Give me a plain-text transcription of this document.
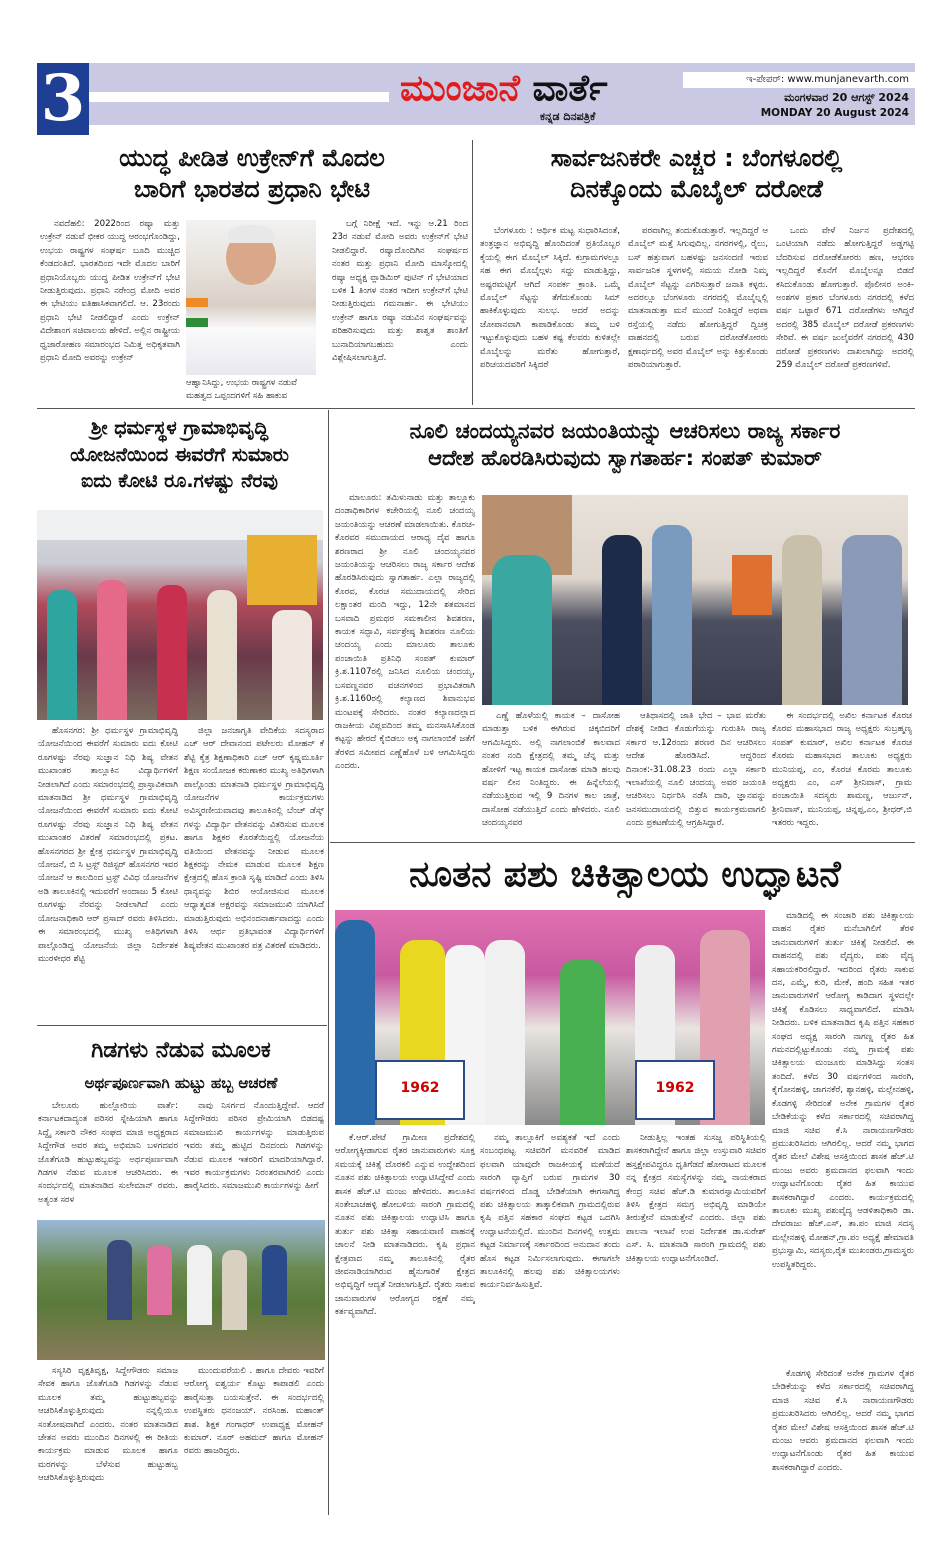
3	ಮುಂಜಾನೆ ವಾರ್ತೆ
ಕನ್ನಡ ದಿನಪತ್ರಿಕೆ
ಇ-ಪೇಪರ್: www.munjanevarth.com
ಮಂಗಳವಾರ 20 ಆಗಸ್ಟ್ 2024
MONDAY 20 August 2024
ಯುದ್ಧ ಪೀಡಿತ ಉಕ್ರೇನ್‌ಗೆ ಮೊದಲ
ಬಾರಿಗೆ ಭಾರತದ ಪ್ರಧಾನಿ ಭೇಟಿ

ನವದೆಹಲಿ: 2022ರಿಂದ ರಷ್ಯಾ ಮತ್ತು ಉಕ್ರೇನ್ ನಡುವೆ ಭೀಕರ ಯುದ್ಧ ಆರಂಭಗೊಂಡಿದ್ದು, ಉಭಯ ರಾಷ್ಟ್ರಗಳ ಸಂಘರ್ಷ ಬೂದಿ ಮುಚ್ಚಿದ ಕೆಂಡದಂತಿದೆ. ಭಾರತದಿಂದ ಇದೇ ಮೊದಲ ಬಾರಿಗೆ ಪ್ರಧಾನಿಯೊಬ್ಬರು ಯುದ್ಧ ಪೀಡಿತ ಉಕ್ರೇನ್‌ಗೆ ಭೇಟಿ ನೀಡುತ್ತಿರುವುದು. ಪ್ರಧಾನಿ ನರೇಂದ್ರ ಮೋದಿ ಅವರ ಈ ಭೇಟಿಯು ಐತಿಹಾಸಿಕವಾಗಲಿದೆ. ಆ. 23ರಂದು ಪ್ರಧಾನಿ ಭೇಟಿ ನೀಡಲಿದ್ದಾರೆ ಎಂದು ಉಕ್ರೇನ್ ವಿದೇಶಾಂಗ ಸಚಿವಾಲಯ ಹೇಳಿದೆ. ಅಲ್ಲಿನ ರಾಷ್ಟ್ರೀಯ ಧ್ವಜಾರೋಹಣ ಸಮಾರಂಭದ ನಿಮಿತ್ತ ಅಧಿಕೃತವಾಗಿ ಪ್ರಧಾನಿ ಮೋದಿ ಅವರನ್ನು ಉಕ್ರೇನ್

ಆಹ್ವಾನಿಸಿದ್ದು, ಉಭಯ ರಾಷ್ಟ್ರಗಳ ನಡುವೆ ಮಹತ್ವದ ಒಪ್ಪಂದಗಳಿಗೆ ಸಹಿ ಹಾಕುವ

ಬಗ್ಗೆ ನಿರೀಕ್ಷೆ ಇದೆ. ಇನ್ನು ಆ.21 ರಿಂದ 23ರ ನಡುವೆ ಮೋದಿ ಅವರು ಉಕ್ರೇನ್‌ಗೆ ಭೇಟಿ ನೀಡಲಿದ್ದಾರೆ. ರಷ್ಯಾದೊಂದಿಗಿನ ಸಂಘರ್ಷದ ನಂತರ ಮತ್ತು ಪ್ರಧಾನಿ ಮೋದಿ ಮಾಸ್ಕೋದಲ್ಲಿ ರಷ್ಯಾ ಅಧ್ಯಕ್ಷ ವ್ಲಾಡಿಮಿರ್ ಪುಟಿನ್ ಗೆ ಭೇಟಿಯಾದ ಬಳಿಕ 1 ತಿಂಗಳ ನಂತರ ಇದೀಗ ಉಕ್ರೇನ್‌ಗೆ ಭೇಟಿ ನೀಡುತ್ತಿರುವುದು ಗಮನಾರ್ಹ. ಈ ಭೇಟಿಯು ಉಕ್ರೇನ್ ಹಾಗೂ ರಷ್ಯಾ ನಡುವಿನ ಸಂಘರ್ಷವನ್ನು ಪರಿಹರಿಸುವುದು ಮತ್ತು ಶಾಶ್ವತ ಶಾಂತಿಗೆ ಬುನಾದಿಯಾಗಬಹುದು ಎಂದು ವಿಶ್ಲೇಷಿಸಲಾಗುತ್ತಿದೆ.

ಸಾರ್ವಜನಿಕರೇ ಎಚ್ಚರ : ಬೆಂಗಳೂರಲ್ಲಿ
ದಿನಕ್ಕೊಂದು ಮೊಬೈಲ್ ದರೋಡೆ

ಬೆಂಗಳೂರು : ಆರ್ಥಿಕ ಮಟ್ಟ ಸುಧಾರಿಸಿದಂತೆ, ತಂತ್ರಜ್ಞಾನ ಅಭಿವೃದ್ಧಿ ಹೊಂದಿದಂತೆ ಪ್ರತಿಯೊಬ್ಬರ ಕೈಯಲ್ಲಿ ಈಗ ಮೊಬೈಲ್ ಸಿಕ್ಕಿದೆ. ಕುಗ್ರಾಮಗಳಲ್ಲೂ ಸಹ ಈಗ ಮೊಬೈಲ್ಗಳು ಸದ್ದು ಮಾಡುತ್ತಿದ್ದು, ಅಷ್ಟರಮಟ್ಟಿಗೆ ಆಗಿದೆ ಸಂಪರ್ಕ ಕ್ರಾಂತಿ. ಒಮ್ಮೆ ಮೊಬೈಲ್ ಸೆಟ್ಟನ್ನು ತೆಗೆದುಕೊಂಡು ಸಿಮ್ ಹಾಕಿಕೊಳ್ಳುವುದು ಸುಲಭ. ಆದರೆ ಅದನ್ನು ಜೋಪಾನವಾಗಿ ಕಾಪಾಡಿಕೊಂಡು ತಮ್ಮ ಬಳಿ ಇಟ್ಟುಕೊಳ್ಳುವುದು ಬಹಳ ಕಷ್ಟ ಕೆಲವರು ಕುಳಿತಲ್ಲೇ ಮೊಬೈಲನ್ನು ಮರೆತು ಹೋಗುತ್ತಾರೆ, ಪರಿಚಯದವರಿಗೆ ಸಿಕ್ಕಿದರೆ

ಪರವಾಗಿಲ್ಲ ತಂದುಕೊಡುತ್ತಾರೆ. ಇಲ್ಲದಿದ್ದರೆ ಆ ಮೊಬೈಲ್ ಮತ್ತೆ ಸಿಗುವುದಿಲ್ಲ. ನಗರಗಳಲ್ಲಿ, ರೈಲು, ಬಸ್ ಹತ್ತುವಾಗ ಬಹಳಷ್ಟು ಜನಸಂದಣಿ ಇರುವ ಸಾರ್ವಜನಿಕ ಸ್ಥಳಗಳಲ್ಲಿ ಸಮಯ ನೋಡಿ ನಿಮ್ಮ ಮೊಬೈಲ್ ಸೆಟ್ಟನ್ನು ಎಗರಿಸುತ್ತಾರೆ ಜನಾತಿ ಕಳ್ಳರು. ಅದರಲ್ಲೂ ಬೆಂಗಳೂರು ನಗರದಲ್ಲಿ ಮೊಬೈಲ್ನಲ್ಲಿ ಮಾತನಾಡುತ್ತಾ ಮನೆ ಮುಂದೆ ನಿಂತಿದ್ದರೆ ಅಥವಾ ರಸ್ತೆಯಲ್ಲಿ ನಡೆದು ಹೋಗುತ್ತಿದ್ದರೆ ದ್ವಿಚಕ್ರ ವಾಹನದಲ್ಲಿ ಬರುವ ದರೋಡೆಕೋರರು ಕ್ಷಣಾರ್ಧದಲ್ಲಿ ಅವರ ಮೊಬೈಲ್ ಅನ್ನು ಕಿತ್ತುಕೊಂಡು ಪರಾರಿಯಾಗುತ್ತಾರೆ.

ಒಂದು ವೇಳೆ ನಿರ್ಜನ ಪ್ರದೇಶದಲ್ಲಿ ಒಂಟಿಯಾಗಿ ನಡೆದು ಹೋಗುತ್ತಿದ್ದರೆ ಅಡ್ಡಗಟ್ಟಿ ಬೆದರಿಸುವ ದರೋಡೆಕೋರರು ಹಣ, ಆಭರಣ ಇಲ್ಲದಿದ್ದರೆ ಕೊನೆಗೆ ಮೊಬೈಲನ್ನೂ ಬಿಡದೆ ಕಸಿದುಕೊಂಡು ಹೋಗುತ್ತಾರೆ. ಪೊಲೀಸರ ಅಂಕಿ-ಅಂಶಗಳ ಪ್ರಕಾರ ಬೆಂಗಳೂರು ನಗರದಲ್ಲಿ ಕಳೆದ ವರ್ಷ ಒಟ್ಟಾರೆ 671 ದರೋಡೆಗಳು ಆಗಿದ್ದರೆ ಅದರಲ್ಲಿ 385 ಮೊಬೈಲ್ ದರೋಡೆ ಪ್ರಕರಣಗಳು ಸೇರಿವೆ. ಈ ವರ್ಷ ಜುಲೈವರೆಗೆ ನಗರದಲ್ಲಿ 430 ದರೋಡೆ ಪ್ರಕರಣಗಳು ದಾಖಲಾಗಿದ್ದು ಅದರಲ್ಲಿ 259 ಮೊಬೈಲ್ ದರೋಡೆ ಪ್ರಕರಣಗಳಿವೆ.

ಶ್ರೀ ಧರ್ಮಸ್ಥಳ ಗ್ರಾಮಾಭಿವೃದ್ಧಿ
ಯೋಜನೆಯಿಂದ ಈವರೆಗೆ ಸುಮಾರು
ಐದು ಕೋಟಿ ರೂ.ಗಳಷ್ಟು ನೆರವು

ಹೊಸನಗರ: ಶ್ರೀ ಧರ್ಮಸ್ಥಳ ಗ್ರಾಮಾಭಿವೃದ್ಧಿ ಯೋಜನೆಯಿಂದ ಈವರೆಗೆ ಸುಮಾರು ಐದು ಕೋಟಿ ರೂಗಳಷ್ಟು ನೆರವು ಸುಜ್ಞಾನ ನಿಧಿ ಶಿಷ್ಯ ವೇತನ ಮುಖಾಂತರ ತಾಲ್ಲೂಕಿನ ವಿದ್ಯಾರ್ಥಿಗಳಿಗೆ ನೀಡಲಾಗಿದೆ ಎಂದು ಸಮಾರಂಭದಲ್ಲಿ ಪ್ರಾಸ್ತಾವಿಕವಾಗಿ ಮಾತನಾಡಿದ ಶ್ರೀ ಧರ್ಮಸ್ಥಳ ಗ್ರಾಮಾಭಿವೃದ್ಧಿ ಯೋಜನೆಯಿಂದ ಈವರೆಗೆ ಸುಮಾರು ಐದು ಕೋಟಿ ರೂಗಳಷ್ಟು ನೆರವು ಸುಜ್ಞಾನ ನಿಧಿ ಶಿಷ್ಯ ವೇತನ ಮುಖಾಂತರ ವಿತರಣೆ ಸಮಾರಂಭದಲ್ಲಿ ಪ್ರಕಟ. ಹೊಸನಗರದ ಶ್ರೀ ಕ್ಷೇತ್ರ ಧರ್ಮಸ್ಥಳ ಗ್ರಾಮಾಭಿವೃದ್ಧಿ ಯೋಜನೆ, ಬಿ ಸಿ ಟ್ರಸ್ಟ್ ರಿಜಿಸ್ಟರ್ ಹೊಸನಗರ ಇವರ ಯೋಜನೆ ಆ ಕಾಲದಿಂದ ಟ್ರಸ್ಟ್ ವಿವಿಧ ಯೋಜನೆಗಳ ಅಡಿ ತಾಲೂಕಿನಲ್ಲಿ ಇದುವರೆಗೆ ಅಂದಾಜು 5 ಕೋಟಿ ರೂಗಳಷ್ಟು ನೆರವನ್ನು ನೀಡಲಾಗಿದೆ ಎಂದು ಯೋಜನಾಧಿಕಾರಿ ಆರ್ ಪ್ರಸಾದ್ ರವರು ತಿಳಿಸಿದರು. ಈ ಸಮಾರಂಭದಲ್ಲಿ ಮುಖ್ಯ ಅತಿಥಿಗಳಾಗಿ ಪಾಲ್ಗೊಂಡಿದ್ದ ಯೋಜನೆಯ ಜಿಲ್ಲಾ ನಿರ್ದೇಶಕ ಮುರಳೀಧರ ಶೆಟ್ಟಿ

ಜಿಲ್ಲಾ ಜನಜಾಗೃತಿ ವೇದಿಕೆಯ ಸದಸ್ಯರಾದ ಎಚ್ ಆರ್ ದೇವಾನಂದ ಪಟೇಲರು ಮೋಹನ್ ಕೆ ಶೆಟ್ಟಿ ಕೈತ್ರ ಶಿಕ್ಷಣಾಧಿಕಾರಿ ಎಚ್ ಆರ್ ಕೃಷ್ಣಮೂರ್ತಿ ಶಿಕ್ಷಣ ಸಂಯೋಜಕ ಕರುಣಾಕರ ಮುಖ್ಯ ಅತಿಥಿಗಳಾಗಿ ಪಾಲ್ಗೊಂಡು ಮಾತನಾಡಿ ಧರ್ಮಸ್ಥಳ ಗ್ರಾಮಾಭಿವೃದ್ಧಿ ಯೋಜನೆಗಳ ಕಾರ್ಯಕ್ರಮಗಳು ಅವಿಸ್ಮರಣೀಯವಾದವು ತಾಲೂಕಿನಲ್ಲಿ ಬೆಂಚ್ ಡೆಸ್ಕ್ ಗಳನ್ನು ವಿದ್ಯಾರ್ಥಿ ವೇತನವನ್ನು ವಿತರಿಸುವ ಮೂಲಕ ಹಾಗೂ ಶಿಕ್ಷಕರ ಕೊರತೆಯಿದ್ದಲ್ಲಿ ಯೋಜನೆಯ ವತಿಯಿಂದ ವೇತನವನ್ನು ನೀಡುವ ಮೂಲಕ ಶಿಕ್ಷಕರನ್ನು ನೇಮಕ ಮಾಡುವ ಮೂಲಕ ಶಿಕ್ಷಣ ಕ್ಷೇತ್ರದಲ್ಲಿ ಹೊಸ ಕ್ರಾಂತಿ ಸೃಷ್ಟಿ ಮಾಡಿದೆ ಎಂದು ತಿಳಿಸಿ ಧಾನ್ಯವನ್ನು ಶಿಬಿರ ಆಯೋಜಿಸುವ ಮೂಲಕ ಆಧ್ಯಾತ್ಮವತ ಅಕ್ಷರವನ್ನು ಸಮಾಜಮುಖಿ ಯಾಗಿಸಿದೆ ಮಾಡುತ್ತಿರುವುದು ಅಭಿನಂದನಾರ್ಹವಾದದ್ದು ಎಂದು ತಿಳಿಸಿ ಆರ್ಥ ಪ್ರತಿಭಾವಂತ ವಿದ್ಯಾರ್ಥಿಗಳಿಗೆ ಶಿಷ್ಯವೇತನ ಮುಖಾಂತರ ಪತ್ರ ವಿತರಣೆ ಮಾಡಿದರು.

ನೂಲಿ ಚಂದಯ್ಯನವರ ಜಯಂತಿಯನ್ನು ಆಚರಿಸಲು ರಾಜ್ಯ ಸರ್ಕಾರ
ಆದೇಶ ಹೊರಡಿಸಿರುವುದು ಸ್ವಾಗತಾರ್ಹ: ಸಂಪತ್ ಕುಮಾರ್

ಮಾಲೂರು: ತಮಿಳುನಾಡು ಮತ್ತು ತಾಲ್ಲೂಕು ದಂಡಾಧಿಕಾರಿಗಳ ಕಚೇರಿಯಲ್ಲಿ ನೂಲಿ ಚಂದಯ್ಯ ಜಯಂತಿಯನ್ನು ಆಚರಣೆ ಮಾಡಲಾಯಿತು. ಕೊರಚ-ಕೊರವರ ಸಮುದಾಯದ ಆರಾಧ್ಯ ದೈವ ಹಾಗೂ ಶರಣರಾದ ಶ್ರೀ ನೂಲಿ ಚಂದಯ್ಯನವರ ಜಯಂತಿಯನ್ನು ಆಚರಿಸಲು ರಾಜ್ಯ ಸರ್ಕಾರ ಆದೇಶ ಹೊರಡಿಸಿರುವುದು ಸ್ವಾಗತಾರ್ಹ. ಎಲ್ಲಾ ರಾಜ್ಯದಲ್ಲಿ ಕೊರವ, ಕೊರಚ ಸಮುದಾಯದಲ್ಲಿ ಸೇರಿದ ಲಕ್ಷಾಂತರ ಮಂದಿ ಇದ್ದು, 12ನೇ ಶತಮಾನದ ಬಸವಾದಿ ಪ್ರಮಥರ ಸಮಕಾಲೀನ ಶಿವಶರಣ, ಕಾಯಕ ಸದ್ಭಾವಿ, ಸರ್ವಶ್ರೇಷ್ಠ ಶಿವಶರಣ ನೂಲಿಯ ಚಂದಯ್ಯ ಎಂದು ಮಾಲೂರು ತಾಲೂಕು ಪಂಚಾಯಿತಿ ಪ್ರತಿನಿಧಿ ಸಂಪತ್ ಕುಮಾರ್ ಕ್ರಿ.ಶ.1107ರಲ್ಲಿ ಜನಿಸಿದ ನೂಲಿಯ ಚಂದಯ್ಯ, ಬಸವಣ್ಣನವರ ವಚನಗಳಿಂದ ಪ್ರಭಾವಿತರಾಗಿ ಕ್ರಿ.ಶ.1160ರಲ್ಲಿ ಕಲ್ಯಾಣದ ಶಿವಾನುಭವ ಮಂಟಪಕ್ಕೆ ಸೇರಿದರು. ನಂತರ ಕಲ್ಯಾಣದಲ್ಲಾದ ರಾಜಕೀಯ ವಿಪ್ಲವದಿಂದ ತಮ್ಮ ಮನಸಾಸಿಸಿಕೊಂಡ ಕಟ್ಟನ್ನು ಹೇರದೆ ಕೈಬಿಡಲು ಅಕ್ಕ ನಾಗಲಾಂಬಿಕೆ ಜತೆಗೆ ತೆರಳಿದ ಸಮೀಪದ ಎಣ್ಣೆಹೊಳೆ ಬಳಿ ಆಗಮಿಸಿದ್ದರು ಎಂದರು.

ಎಣ್ಣೆ ಹೊಳೆಯಲ್ಲಿ ಕಾಯಕ – ದಾಸೋಹ ಮಾಡುತ್ತಾ ಬಳಿಕ ಈಗಿರುವ ಚಿಕ್ಕಬಿದರಿಗೆ ಆಗಮಿಸಿದ್ದರು. ಅಲ್ಲಿ ನಾಗಲಾಂಬಿಕೆ ಕಾಲವಾದ ನಂತರ ನಂದಿ ಕ್ಷೇತ್ರದಲ್ಲಿ ತಮ್ಮ ಚೆನ್ನ ಮತ್ತು ಹೋಳಿಗೆ ಇಟ್ಟ ಕಾಯಕ ದಾಸೋಹ ಮಾಡಿ ಹಲವು ವರ್ಷ ಲೀನ ನಿಂತಿದ್ದರು. ಈ ಹಿನ್ನೆಲೆಯಲ್ಲಿ ನಡೆಯುತ್ತಿರುವ ಇಲ್ಲಿ 9 ದಿನಗಳ ಕಾಲ ಜಾತ್ರೆ, ದಾಸೋಹ ನಡೆಯುತ್ತಿದೆ ಎಂದು ಹೇಳಿದರು. ನೂಲಿ ಚಂದಯ್ಯನವರ

ಆತಿಥಾಸದಲ್ಲಿ ಜಾತಿ ಭೇದ – ಭಾವ ಮರೆತು ದೇಶಕ್ಕೆ ನೀಡಿದ ಕೊಡುಗೆಯನ್ನು ಗುರುತಿಸಿ ರಾಜ್ಯ ಸರ್ಕಾರ ಆ.12ರಂದು ಶರಣರ ದಿನ ಆಚರಿಸಲು ಆದೇಶ ಹೊರಡಿಸಿದೆ. ಆದ್ದರಿಂದ ದಿನಾಂಕ:-31.08.23 ರಂದು ಎಲ್ಲಾ ಸರ್ಕಾರಿ ಇಲಾಖೆಯಲ್ಲಿ ನೂಲಿ ಚಂದಯ್ಯ ಅವರ ಜಯಂತಿ ಆಚರಿಸಲು ನಿರ್ಧರಿಸಿ ನಡೆಸಿ ದಾರಿ, ಜ್ಞಾನವನ್ನು ಜನಸಮುದಾಯದಲ್ಲಿ ಬಿತ್ತುವ ಕಾರ್ಯಕ್ರಮವಾಗಲಿ ಎಂದು ಪ್ರಕಟಣೆಯಲ್ಲಿ ಆಗ್ರಹಿಸಿದ್ದಾರೆ.

ಈ ಸಂದರ್ಭದಲ್ಲಿ ಅಖಿಲ ಕರ್ನಾಟಕ ಕೊರಚ ಕೊರವ ಮಹಾಸಭಾದ ರಾಜ್ಯ ಅಧ್ಯಕ್ಷರು ಸುಬ್ರಹ್ಮಣ್ಯ ಸಂಪತ್ ಕುಮಾರ್, ಅಖಿಲ ಕರ್ನಾಟಕ ಕೊರಚ ಕೊರಮ ಮಹಾಸಭಾದ ತಾಲೂಕು ಅಧ್ಯಕ್ಷರು ಮುನಿಯಪ್ಪ, ಎಂ, ಕೊರಚ ಕೊರಮ ತಾಲೂಕು ಅಧ್ಯಕ್ಷರು ಎಂ, ಎಸ್ ಶ್ರೀನಿವಾಸ್, ಗ್ರಾಮ ಪಂಚಾಯಿತಿ ಸದಸ್ಯರು ಶಾಮಣ್ಣ, ಆರ್ಜುನ್, ಶ್ರೀನಿವಾಸ್, ಮುನಿಯಪ್ಪ, ಚಿನ್ನಪ್ಪ,ಎಂ, ಶ್ರೀಧರ್,ಬಿ ಇತರರು ಇದ್ದರು.

ನೂತನ ಪಶು ಚಿಕಿತ್ಸಾಲಯ ಉದ್ಘಾಟನೆ
1962	1962

ಮಾಡಿದಲ್ಲಿ ಈ ಸಂಚಾರಿ ಪಶು ಚಿಕಿತ್ಸಾಲಯ ವಾಹನ ರೈತರ ಮನೆಬಾಗಿಲಿಗೆ ತೆರಳಿ ಜಾನುವಾರುಗಳಿಗೆ ತುರ್ತು ಚಿಕಿತ್ಸೆ ನೀಡಲಿದೆ. ಈ ವಾಹನದಲ್ಲಿ ಪಶು ವೈದ್ಯರು, ಪಶು ವೈದ್ಯ ಸಹಾಯಕರಿರಲಿದ್ದಾರೆ. ಇದರಿಂದ ರೈತರು ಸಾಕುವ ದನ, ಎಮ್ಮೆ, ಕುರಿ, ಮೇಕೆ, ಹಂದಿ ಸಹಿತ ಇತರ ಜಾನುವಾರುಗಳಿಗೆ ಆರೋಗ್ಯ ಕಾಡಿದಾಗ ಸ್ಥಳದಲ್ಲೇ ಚಿಕಿತ್ಸೆ ಕೊಡಿಸಲು ಸಾಧ್ಯವಾಗಲಿದೆ. ಮಾಡಿಸಿ ನೀಡಿದರು. ಬಳಿಕ ಮಾತನಾಡಿದ ಕೃಷಿ ಪತ್ತಿನ ಸಹಕಾರ ಸಂಘದ ಅಧ್ಯಕ್ಷ ಸಾರಂಗಿ ನಾಗಣ್ಣ ರೈತರ ಹಿತ ಗಮನದಲ್ಲಿಟ್ಟುಕೊಂಡು ನಮ್ಮ ಗ್ರಾಮಕ್ಕೆ ಪಶು ಚಿಕಿತ್ಸಾಲಯ ಮಂಜೂರು ಮಾಡಿಸಿದ್ದು ಸಂತಸ ತಂದಿದೆ. ಕಳೆದ 30 ವರ್ಷಗಳಿಂದ ಸಾರಂಗಿ, ಕೈಗೋನಹಳ್ಳಿ, ಜಾಗನಕೆರೆ, ಶ್ಯಾನಹಳ್ಳಿ, ಮಲ್ಲೇನಹಳ್ಳಿ, ಕೊಡಗಳ್ಳಿ ಸೇರಿದಂತೆ ಅನೇಕ ಗ್ರಾಮಗಳ ರೈತರ ಬೇಡಿಕೆಯನ್ನು ಕಳೆದ ಸರ್ಕಾರದಲ್ಲಿ ಸಚಿವರಾಗಿದ್ದ ಮಾಜಿ ಸಚಿವ ಕೆ.ಸಿ ನಾರಾಯಣಗೌಡರು ಪ್ರಮುಖರಿಸಿದರು ಆಗಿರಲಿಲ್ಲ. ಆದರೆ ನಮ್ಮ ಭಾಗದ ರೈತರ ಮೇಲೆ ವಿಶೇಷ ಆಸಕ್ತಿಯಿಂದ ಶಾಸಕ ಹೆಚ್.ಟಿ ಮಂಜು ಅವರು ಶ್ರಮದಾನದ ಫಲವಾಗಿ ಇಂದು ಉದ್ಘಾಟನೆಗೊಂಡು ರೈತರ ಹಿತ ಕಾಯುವ ಶಾಸಕರಾಗಿದ್ದಾರೆ ಎಂದರು. ಕಾರ್ಯಕ್ರಮದಲ್ಲಿ ತಾಲೂಕು ಮುಖ್ಯ ಪಶುವೈದ್ಯ ಆಡಳಿತಾಧಿಕಾರಿ ಡಾ. ದೇವರಾಜು ಹೆಚ್.ಎಸ್, ತಾ.ಪಂ ಮಾಜಿ ಸದಸ್ಯ ಮಲ್ಲೇನಹಳ್ಳಿ ಮೋಹನ್,ಗ್ರಾ.ಪಂ ಅಧ್ಯಕ್ಷೆ ಹೇಮಾವತಿ ಪ್ರಭುಸ್ವಾಮಿ, ಸದಸ್ಯರು,ರೈತ ಮುಖಂಡರು,ಗ್ರಾಮಸ್ಥರು ಉಪಸ್ಥಿತರಿದ್ದರು.

ಕೊಡಗಳ್ಳಿ ಸೇರಿದಂತೆ ಅನೇಕ ಗ್ರಾಮಗಳ ರೈತರ ಬೇಡಿಕೆಯನ್ನು ಕಳೆದ ಸರ್ಕಾರದಲ್ಲಿ ಸಚಿವರಾಗಿದ್ದ ಮಾಜಿ ಸಚಿವ ಕೆ.ಸಿ ನಾರಾಯಣಗೌಡರು ಪ್ರಮುಖರಿಸಿದರು ಆಗಿರಲಿಲ್ಲ. ಆದರೆ ನಮ್ಮ ಭಾಗದ ರೈತರ ಮೇಲೆ ವಿಶೇಷ ಆಸಕ್ತಿಯಿಂದ ಶಾಸಕ ಹೆಚ್.ಟಿ ಮಂಜು ಆವರು ಶ್ರಮದಾನದ ಫಲವಾಗಿ ಇಂದು ಉದ್ಘಾಟನೆಗೊಂಡು ರೈತರ ಹಿತ ಕಾಯುವ ಶಾಸಕರಾಗಿದ್ದಾರೆ ಎಂದರು.

ಕೆ.ಆರ್.ಪೇಟೆ ಗ್ರಾಮೀಣ ಪ್ರದೇಶದಲ್ಲಿ ಆರೋಗ್ಯಕ್ಕೀಡಾಗುವ ರೈತರ ಜಾನುವಾರುಗಳು ಸೂಕ್ತ ಸಮಯಕ್ಕೆ ಚಿಕಿತ್ಸೆ ದೊರಕಲಿ ಎನ್ನುವ ಉದ್ದೇಶದಿಂದ ನೂತನ ಪಶು ಚಿಕಿತ್ಸಾಲಯ ಉದ್ಘಾಟಿಸಿದ್ದೇವೆ ಎಂದು ಶಾಸಕ ಹೆಚ್.ಟಿ ಮಂಜು ಹೇಳಿದರು. ತಾಲೂಕಿನ ಸಂತೇಬಾಚಹಳ್ಳಿ ಹೋಬಳಿಯ ಸಾರಂಗಿ ಗ್ರಾಮದಲ್ಲಿ ನೂತನ ಪಶು ಚಿಕಿತ್ಸಾಲಯ ಉದ್ಘಾಟಿಸಿ ಹಾಗೂ ತುರ್ತು ಪಶು ಚಿಕಿತ್ಸಾ ಸಹಾಯವಾಣಿ ವಾಹನಕ್ಕೆ ಚಾಲನೆ ನೀಡಿ ಮಾತನಾಡಿದರು. ಕೃಷಿ ಪ್ರಧಾನ ಕ್ಷೇತ್ರವಾದ ನಮ್ಮ ತಾಲೂಕಿನಲ್ಲಿ ರೈತರ ಜೀವನಾಡಿಯಾಗಿರುವ ಹೈನುಗಾರಿಕೆ ಕ್ಷೇತ್ರದ ಅಭಿವೃದ್ಧಿಗೆ ಆದ್ಯತೆ ನೀಡಲಾಗುತ್ತಿದೆ. ರೈತರು ಸಾಕುವ ಜಾನುವಾರುಗಳ ಆರೋಗ್ಯದ ರಕ್ಷಣೆ ನಮ್ಮ ಕರ್ತವ್ಯವಾಗಿದೆ.

ನಮ್ಮ ತಾಲ್ಲೂಕಿಗೆ ಅವಶ್ಯಕತೆ ಇದೆ ಎಂದು ಸಂಬಂಧಪಟ್ಟ ಸಚಿವರಿಗೆ ಮನವರಿಕೆ ಮಾಡಿದ ಫಲವಾಗಿ ಯಾವುದೇ ರಾಜಕೀಯಕ್ಕೆ ಮಣೆಯದೆ ಸಾರಂಗಿ ವ್ಯಾಪ್ತಿಗೆ ಬರುವ ಗ್ರಾಮಗಳ 30 ವರ್ಷಗಳಿಂದ ದೊಡ್ಡ ಬೇಡಿಕೆಯಾಗಿ ಈಗಸಾಗಿದ್ದ ಪಶು ಚಿಕಿತ್ಸಾಲಯ ತಾತ್ಕಾಲಿಕವಾಗಿ ಗ್ರಾಮದಲ್ಲಿರುವ ಕೃಷಿ ಪತ್ತಿನ ಸಹಕಾರ ಸಂಘದ ಕಟ್ಟಡ ಒದಗಿಸಿ ಉದ್ಘಾಟನೆಯಲ್ಲಿದೆ. ಮುಂದಿನ ದಿನಗಳಲ್ಲಿ ಉತ್ತಮ ಕಟ್ಟಡ ನಿರ್ಮಾಣಕ್ಕೆ ಸರ್ಕಾರದಿಂದ ಅನುದಾನ ತಂದು ಹೊಸ ಕಟ್ಟಡ ನಿರ್ಮಿಸಲಾಗುವುದು. ಈಗಾಗಲೇ ತಾಲೂಕಿನಲ್ಲಿ ಹಲವು ಪಶು ಚಿಕಿತ್ಸಾಲಯಗಳು ಕಾರ್ಯನಿರ್ವಹಿಸುತ್ತಿವೆ.

ನೀಡುತ್ತಿಲ್ಲ ಇಂತಹ ಸುಸಜ್ಜ ಪರಿಸ್ಥಿತಿಯಲ್ಲಿ ಶಾಸಕರಾಗಿದ್ದೇನೆ ಹಾಗೂ ಜಿಲ್ಲಾ ಉಸ್ತುವಾರಿ ಸಚಿವರ ಹಸ್ತಕ್ಷೇಪವಿದ್ದರೂ ಧೃತಿಗೆಡದೆ ಹೋರಾಟದ ಮೂಲಕ ನನ್ನ ಕ್ಷೇತ್ರದ ಸಮಸ್ಯೆಗಳನ್ನು ನಮ್ಮ ನಾಯಕರಾದ ಕೇಂದ್ರ ಸಚಿವ ಹೆಚ್.ಡಿ ಕುಮಾರಸ್ವಾಮಿಯವರಿಗೆ ತಿಳಿಸಿ ಕ್ಷೇತ್ರದ ಸಮಗ್ರ ಅಭಿವೃದ್ಧಿ ಮಾಡಿಯೇ ತೀರುತ್ತೇನೆ ಮಾಡುತ್ತೇನೆ ಎಂದರು. ಜಿಲ್ಲಾ ಪಶು ಪಾಲನಾ ಇಲಾಖೆ ಉಪ ನಿರ್ದೇಶಕ ಡಾ.ಸುರೇಶ್ ಎಸ್. ಸಿ. ಮಾತನಾಡಿ ಸಾರಂಗಿ ಗ್ರಾಮದಲ್ಲಿ ಪಶು ಚಿಕಿತ್ಸಾಲಯ ಉದ್ಘಾಟನೆಗೊಂಡಿದೆ.

ಗಿಡಗಳು ನೆಡುವ ಮೂಲಕ
ಅರ್ಥಪೂರ್ಣವಾಗಿ ಹುಟ್ಟು ಹಬ್ಬ ಆಚರಣೆ

ಬೇಲೂರು ಹುಲ್ಲೋರಿಯ ವಾರ್ತೆ: ಕರ್ನಾಟಕದಾದ್ಯಂತ ಪರಿಸರ ಸ್ನೇಹಿಯಾಗಿ ಹಾಗೂ ಸಿದ್ದೈ ಸರ್ಕಾರಿ ನೌಕರ ಸಂಘದ ಮಾಜಿ ಅಧ್ಯಕ್ಷರಾದ ಸಿದ್ದೇಗೌಡ ಅವರ ತಮ್ಮ ಅಭಿಮಾನಿ ಬಳಗದವರ ಜೊತೆಗೂಡಿ ಹುಟ್ಟುಹಬ್ಬವನ್ನು ಅರ್ಥಪೂರ್ಣವಾಗಿ ಗಿಡಗಳ ನೆಡುವ ಮೂಲಕ ಆಚರಿಸಿದರು. ಈ ಸಂದರ್ಭದಲ್ಲಿ ಮಾತನಾಡಿದ ಸುಲೇಮಾನ್ ರವರು. ಅತ್ಯಂತ ಸರಳ

ನಾವು ನಿಸರ್ಗದ ನೊಂದುತ್ತಿದ್ದೇವೆ. ಆದರೆ ಸಿದ್ದೇಗೌಡರು ಪರಿಸರ ಪ್ರೇಮಿಯಾಗಿ ಬಿಡದಷ್ಟ ಸಮಾಜಮುಖಿ ಕಾರ್ಯಗಳನ್ನು ಮಾಡುತ್ತಿರುವ ಇವರು ತಮ್ಮ ಹುಟ್ಟಿದ ದಿನದಂದು ಗಿಡಗಳನ್ನು ನೆಡುವ ಮೂಲಕ ಇತರರಿಗೆ ಮಾದರಿಯಾಗಿದ್ದಾರೆ. ಇವರ ಕಾರ್ಯಕ್ರಮಗಳು ನಿರಂತರವಾಗಿರಲಿ ಎಂದು ಹಾರೈಸಿದರು. ಸಮಾಜಮುಖಿ ಕಾರ್ಯಗಳನ್ನು ಹೀಗೆ

ಸಸ್ಯಸಿರಿ ವೃಕ್ಷತಿವೃಕ್ಷ, ಸಿದ್ದೇಗೌಡರು ಸಮಾಜ ಸೇವಕ ಹಾಗೂ ಜೊತೆಗೂಡಿ ಗಿಡಗಳನ್ನು ನೆಡುವ ಮೂಲಕ ತಮ್ಮ ಹುಟ್ಟುಹಬ್ಬವನ್ನು ಆಚರಿಸಿಕೊಳ್ಳುತ್ತಿರುವುದು ನನ್ನಲ್ಲಿಯೂ ಸಂತೋಷವಾಗಿದೆ ಎಂದರು. ನಂತರ ಮಾತನಾಡಿದ ಚೇತನ ಅವರು ಮುಂದಿನ ದಿನಗಳಲ್ಲಿ ಈ ರೀತಿಯ ಕಾರ್ಯಕ್ರಮ ಮಾಡುವ ಮೂಲಕ ಹಾಗೂ ಮರಗಳನ್ನು ಬೆಳೆಸುವ ಹುಟ್ಟುಹಬ್ಬ ಆಚರಿಸಿಕೊಳ್ಳುತ್ತಿರುವುದು

ಮುಂದುವರೆಯಲಿ . ಹಾಗೂ ದೇವರು ಇವರಿಗೆ ಆರೋಗ್ಯ ಐಶ್ವರ್ಯ ಕೊಟ್ಟು ಕಾಪಾಡಲಿ ಎಂದು ಹಾರೈಸುತ್ತಾ ಬಯಸುತ್ತೇನೆ. ಈ ಸಂದರ್ಭದಲ್ಲಿ ಉಪಸ್ಥಿತರು ಧನಂಜಯ್. ನರಸಿಂಹ. ಮಹಾಂತ್ ಶಾಶ. ಶಿಕ್ಷಕ ಗಂಗಾಧರ್ ಉಪಾಧ್ಯಕ್ಷ ಮೋಹನ್ ಕುಮಾರ್. ನೂರ್ ಅಹಮದ್ ಹಾಗೂ ಮೋಹನ್ ರವರು ಹಾಜರಿದ್ದರು.
